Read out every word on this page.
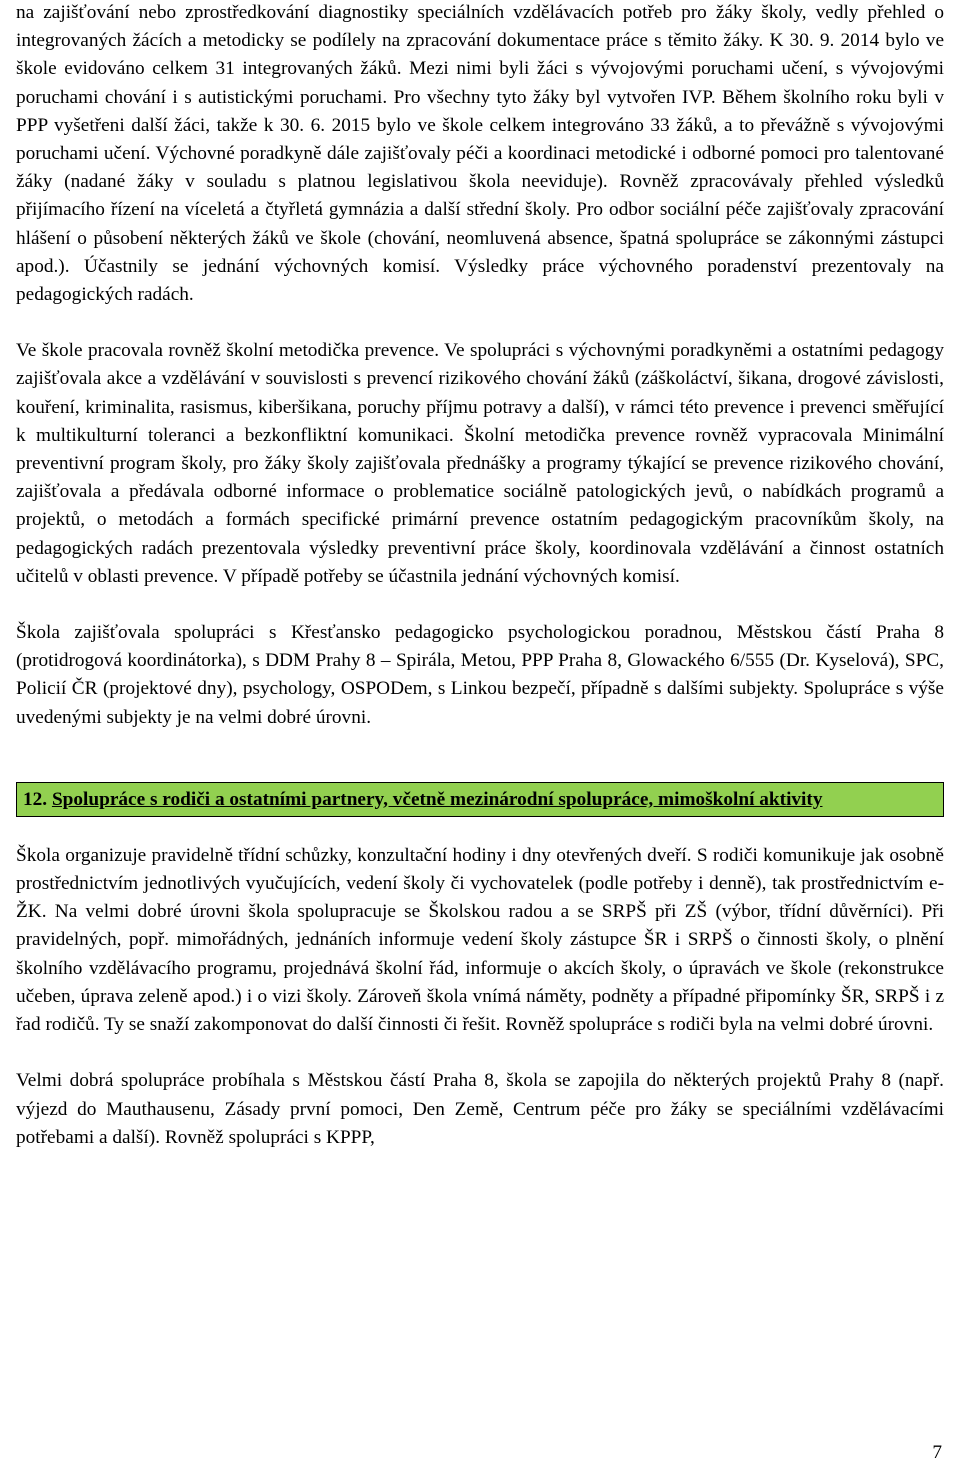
na zajišťování nebo zprostředkování diagnostiky speciálních vzdělávacích potřeb pro žáky školy, vedly přehled o integrovaných žácích a metodicky se podílely na zpracování dokumentace práce s těmito žáky. K 30. 9. 2014 bylo ve škole evidováno celkem 31 integrovaných žáků. Mezi nimi byli žáci s vývojovými poruchami učení, s vývojovými poruchami chování i s autistickými poruchami. Pro všechny tyto žáky byl vytvořen IVP. Během školního roku byli v PPP vyšetřeni další žáci, takže k 30. 6. 2015 bylo ve škole celkem integrováno 33 žáků, a to převážně s vývojovými poruchami učení. Výchovné poradkyně dále zajišťovaly péči a koordinaci metodické i odborné pomoci pro talentované žáky (nadané žáky v souladu s platnou legislativou škola neeviduje). Rovněž zpracovávaly přehled výsledků přijímacího řízení na víceletá a čtyřletá gymnázia a další střední školy. Pro odbor sociální péče zajišťovaly zpracování hlášení o působení některých žáků ve škole (chování, neomluvená absence, špatná spolupráce se zákonnými zástupci apod.). Účastnily se jednání výchovných komisí. Výsledky práce výchovného poradenství prezentovaly na pedagogických radách.

Ve škole pracovala rovněž školní metodička prevence. Ve spolupráci s výchovnými poradkyněmi a ostatními pedagogy zajišťovala akce a vzdělávání v souvislosti s prevencí rizikového chování žáků (záškoláctví, šikana, drogové závislosti, kouření, kriminalita, rasismus, kiberšikana, poruchy příjmu potravy a další), v rámci této prevence i prevenci směřující k multikulturní toleranci a bezkonfliktní komunikaci. Školní metodička prevence rovněž vypracovala Minimální preventivní program školy, pro žáky školy zajišťovala přednášky a programy týkající se prevence rizikového chování, zajišťovala a předávala odborné informace o problematice sociálně patologických jevů, o nabídkách programů a projektů, o metodách a formách specifické primární prevence ostatním pedagogickým pracovníkům školy, na pedagogických radách prezentovala výsledky preventivní práce školy, koordinovala vzdělávání a činnost ostatních učitelů v oblasti prevence. V případě potřeby se účastnila jednání výchovných komisí.

Škola zajišťovala spolupráci s Křesťansko pedagogicko psychologickou poradnou, Městskou částí Praha 8 (protidrogová koordinátorka), s DDM Prahy 8 – Spirála, Metou, PPP Praha 8, Glowackého 6/555 (Dr. Kyselová), SPC, Policií ČR (projektové dny), psychology, OSPODem, s Linkou bezpečí, případně s dalšími subjekty. Spolupráce s výše uvedenými subjekty je na velmi dobré úrovni.

12. Spolupráce s rodiči a ostatními partnery, včetně mezinárodní spolupráce, mimoškolní aktivity

Škola organizuje pravidelně třídní schůzky, konzultační hodiny i dny otevřených dveří. S rodiči komunikuje jak osobně prostřednictvím jednotlivých vyučujících, vedení školy či vychovatelek (podle potřeby i denně), tak prostřednictvím e-ŽK. Na velmi dobré úrovni škola spolupracuje se Školskou radou a se SRPŠ při ZŠ (výbor, třídní důvěrníci). Při pravidelných, popř. mimořádných, jednáních informuje vedení školy zástupce ŠR i SRPŠ o činnosti školy, o plnění školního vzdělávacího programu, projednává školní řád, informuje o akcích školy, o úpravách ve škole (rekonstrukce učeben, úprava zeleně apod.) i o vizi školy. Zároveň škola vnímá náměty, podněty a případné připomínky ŠR, SRPŠ i z řad rodičů. Ty se snaží zakomponovat do další činnosti či řešit. Rovněž spolupráce s rodiči byla na velmi dobré úrovni.

Velmi dobrá spolupráce probíhala s Městskou částí Praha 8, škola se zapojila do některých projektů Prahy 8 (např. výjezd do Mauthausenu, Zásady první pomoci, Den Země, Centrum péče pro žáky se speciálními vzdělávacími potřebami a další). Rovněž spolupráci s KPPP,

7
